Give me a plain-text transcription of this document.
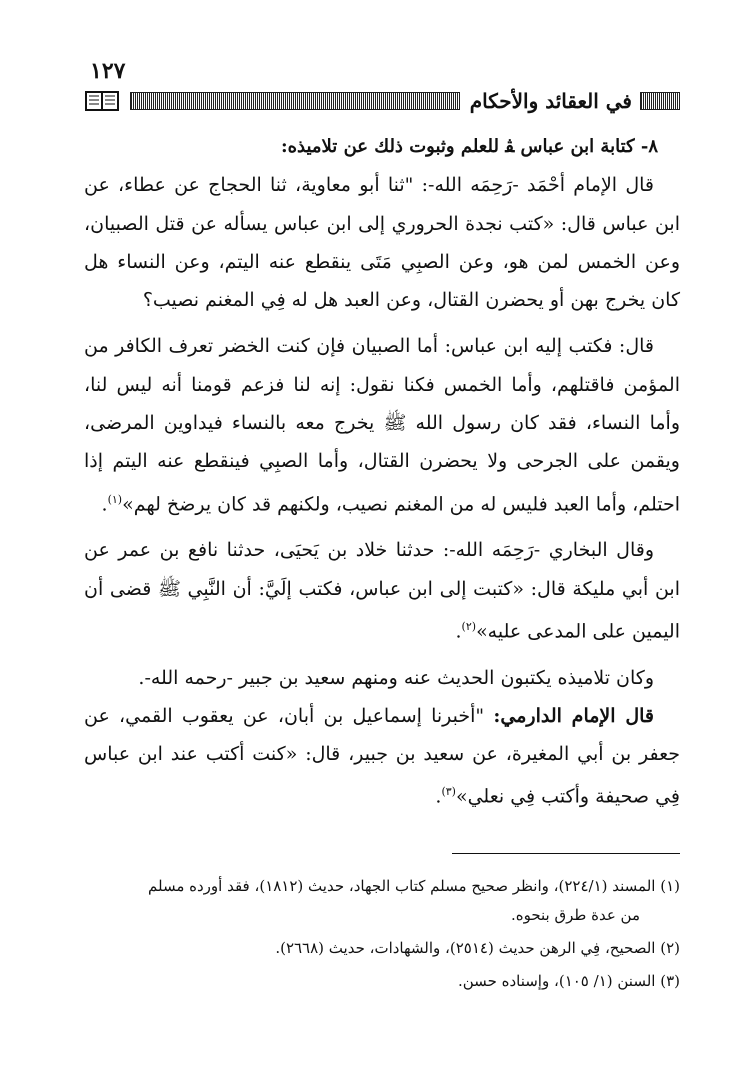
١٢٧
في العقائد والأحكام

٨- كتابة ابن عباس ﭭ للعلم وثبوت ذلك عن تلاميذه:

قال الإمام أحْمَد -رَحِمَه الله-: "ثنا أبو معاوية، ثنا الحجاج عن عطاء، عن ابن عباس قال: «كتب نجدة الحروري إلى ابن عباس يسأله عن قتل الصبيان، وعن الخمس لمن هو، وعن الصبِي مَتَى ينقطع عنه اليتم، وعن النساء هل كان يخرج بهن أو يحضرن القتال، وعن العبد هل له فِي المغنم نصيب؟

قال: فكتب إليه ابن عباس: أما الصبيان فإن كنت الخضر تعرف الكافر من المؤمن فاقتلهم، وأما الخمس فكنا نقول: إنه لنا فزعم قومنا أنه ليس لنا، وأما النساء، فقد كان رسول الله ﷺ يخرج معه بالنساء فيداوين المرضى، ويقمن على الجرحى ولا يحضرن القتال، وأما الصبِي فينقطع عنه اليتم إذا احتلم، وأما العبد فليس له من المغنم نصيب، ولكنهم قد كان يرضخ لهم»$^{(١)}$.

وقال البخاري -رَحِمَه الله-: حدثنا خلاد بن يَحيَى، حدثنا نافع بن عمر عن ابن أبي مليكة قال: «كتبت إلى ابن عباس، فكتب إلَيَّ: أن النَّبِي ﷺ قضى أن اليمين على المدعى عليه»$^{(٢)}$.

وكان تلاميذه يكتبون الحديث عنه ومنهم سعيد بن جبير -رحمه الله-.

قال الإمام الدارمي: "أخبرنا إسماعيل بن أبان، عن يعقوب القمي، عن جعفر بن أبي المغيرة، عن سعيد بن جبير، قال: «كنت أكتب عند ابن عباس فِي صحيفة وأكتب فِي نعلي»$^{(٣)}$.

(١) المسند (٢٢٤/١)، وانظر صحيح مسلم كتاب الجهاد، حديث (١٨١٢)، فقد أورده مسلم
من عدة طرق بنحوه.

(٢) الصحيح، فِي الرهن حديث (٢٥١٤)، والشهادات، حديث (٢٦٦٨).

(٣) السنن (١/ ١٠٥)، وإسناده حسن.
